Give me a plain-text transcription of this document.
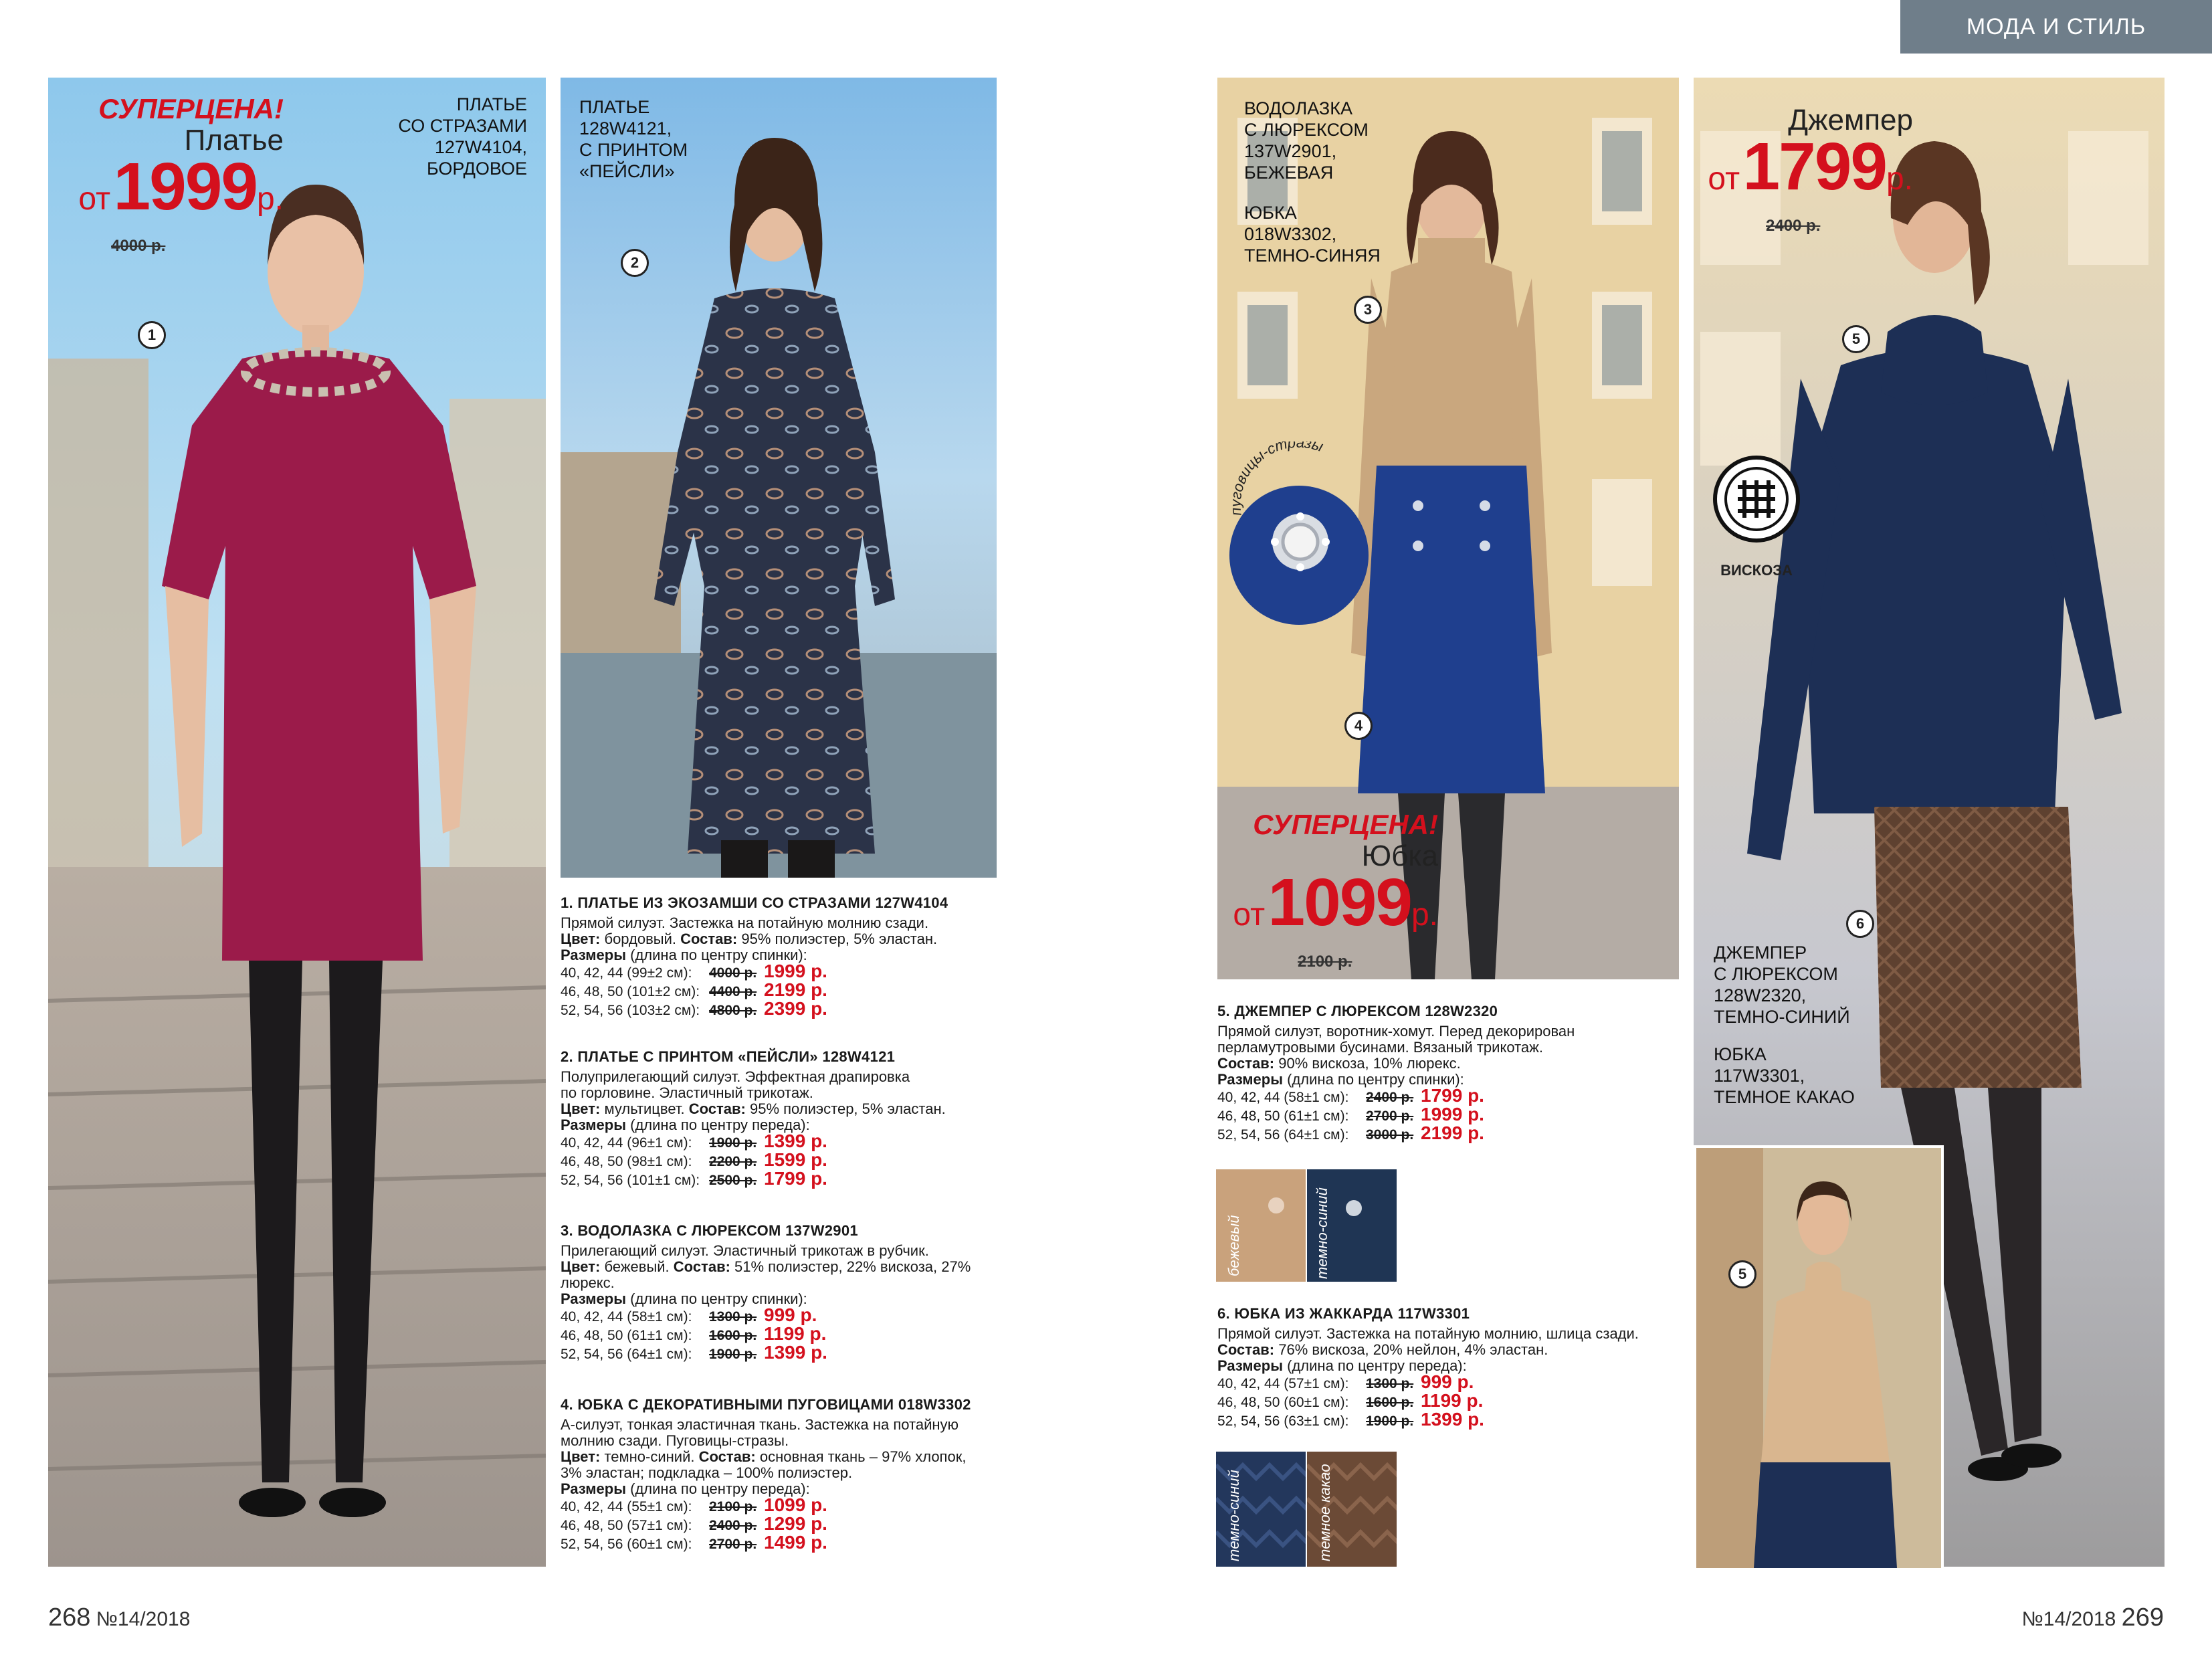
МОДА И СТИЛЬ
1
СУПЕРЦЕНА!
Платье
от 1999р.
4000 р.
ПЛАТЬЕ
СО СТРАЗАМИ
127W4104,
БОРДОВОЕ
2
ПЛАТЬЕ
128W4121,
С ПРИНТОМ
«ПЕЙСЛИ»
1. ПЛАТЬЕ ИЗ ЭКОЗАМШИ СО СТРАЗАМИ 127W4104

Прямой силуэт. Застежка на потайную молнию сзади.

Цвет: бордовый. Состав: 95% полиэстер, 5% эластан.

Размеры (длина по центру спинки):

40, 42, 44 (99±2 см):	4000 р. 1999 р.
46, 48, 50 (101±2 см): 4400 р. 2199 р.
52, 54, 56 (103±2 см): 4800 р. 2399 р.
2. ПЛАТЬЕ С ПРИНТОМ «ПЕЙСЛИ» 128W4121

Полуприлегающий силуэт. Эффектная драпировка

по горловине. Эластичный трикотаж.

Цвет: мультицвет. Состав: 95% полиэстер, 5% эластан.

Размеры (длина по центру переда):

40, 42, 44 (96±1 см):	1900 р. 1399 р.
46, 48, 50 (98±1 см):	2200 р. 1599 р.
52, 54, 56 (101±1 см): 2500 р. 1799 р.
3. ВОДОЛАЗКА С ЛЮРЕКСОМ 137W2901

Прилегающий силуэт. Эластичный трикотаж в рубчик.

Цвет: бежевый. Состав: 51% полиэстер, 22% вискоза, 27% люрекс.

Размеры (длина по центру спинки):

40, 42, 44 (58±1 см):	1300 р. 999 р.
46, 48, 50 (61±1 см):	1600 р. 1199 р.
52, 54, 56 (64±1 см):	1900 р. 1399 р.
4. ЮБКА С ДЕКОРАТИВНЫМИ ПУГОВИЦАМИ 018W3302

А-силуэт, тонкая эластичная ткань. Застежка на потайную

молнию сзади. Пуговицы-стразы.

Цвет: темно-синий. Состав: основная ткань – 97% хлопок, 3% эластан; подкладка – 100% полиэстер.

Размеры (длина по центру переда):

40, 42, 44 (55±1 см):	2100 р. 1099 р.
46, 48, 50 (57±1 см):	2400 р. 1299 р.
52, 54, 56 (60±1 см):	2700 р. 1499 р.
268 №14/2018
3
4
ВОДОЛАЗКА
С ЛЮРЕКСОМ
137W2901,
БЕЖЕВАЯ
ЮБКА
018W3302,
ТЕМНО-СИНЯЯ
пуговицы-стразы
СУПЕРЦЕНА!
Юбка
от 1099р.
2100 р.
5. ДЖЕМПЕР С ЛЮРЕКСОМ 128W2320

Прямой силуэт, воротник-хомут. Перед декорирован

перламутровыми бусинами. Вязаный трикотаж.

Состав: 90% вискоза, 10% люрекс.

Размеры (длина по центру спинки):

40, 42, 44 (58±1 см):	2400 р. 1799 р.
46, 48, 50 (61±1 см):	2700 р. 1999 р.
52, 54, 56 (64±1 см):	3000 р. 2199 р.
бежевый	темно-синий
6. ЮБКА ИЗ ЖАККАРДА 117W3301

Прямой силуэт. Застежка на потайную молнию, шлица сзади.

Состав: 76% вискоза, 20% нейлон, 4% эластан.

Размеры (длина по центру переда):

40, 42, 44 (57±1 см):	1300 р. 999 р.
46, 48, 50 (60±1 см):	1600 р. 1199 р.
52, 54, 56 (63±1 см):	1900 р. 1399 р.
темно-синий	темное какао
5
6
Джемпер
от 1799р.
2400 р.
ВИСКОЗА
ДЖЕМПЕР
С ЛЮРЕКСОМ
128W2320,
ТЕМНО-СИНИЙ
ЮБКА
117W3301,
ТЕМНОЕ КАКАО
5
№14/2018 269
